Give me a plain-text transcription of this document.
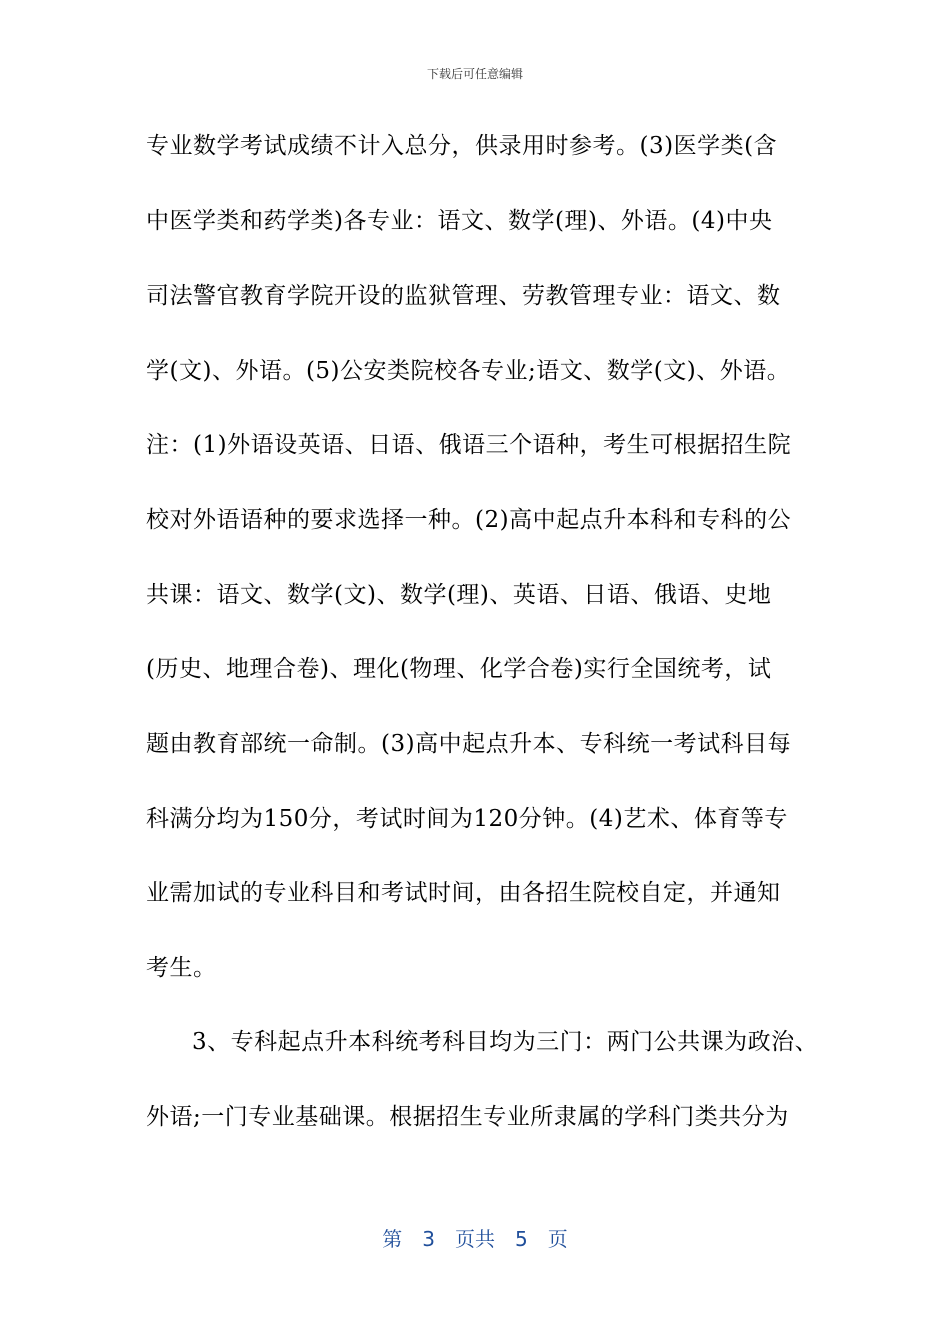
下载后可任意编辑
专业数学考试成绩不计入总分，供录用时参考。(3)医学类(含
中医学类和药学类)各专业：语文、数学(理)、外语。(4)中央
司法警官教育学院开设的监狱管理、劳教管理专业：语文、数
学(文)、外语。(5)公安类院校各专业;语文、数学(文)、外语。
注：(1)外语设英语、日语、俄语三个语种，考生可根据招生院
校对外语语种的要求选择一种。(2)高中起点升本科和专科的公
共课：语文、数学(文)、数学(理)、英语、日语、俄语、史地
(历史、地理合卷)、理化(物理、化学合卷)实行全国统考，试
题由教育部统一命制。(3)高中起点升本、专科统一考试科目每
科满分均为150分，考试时间为120分钟。(4)艺术、体育等专
业需加试的专业科目和考试时间，由各招生院校自定，并通知
考生。
3、专科起点升本科统考科目均为三门：两门公共课为政治、
外语;一门专业基础课。根据招生专业所隶属的学科门类共分为
第 3 页共 5 页
